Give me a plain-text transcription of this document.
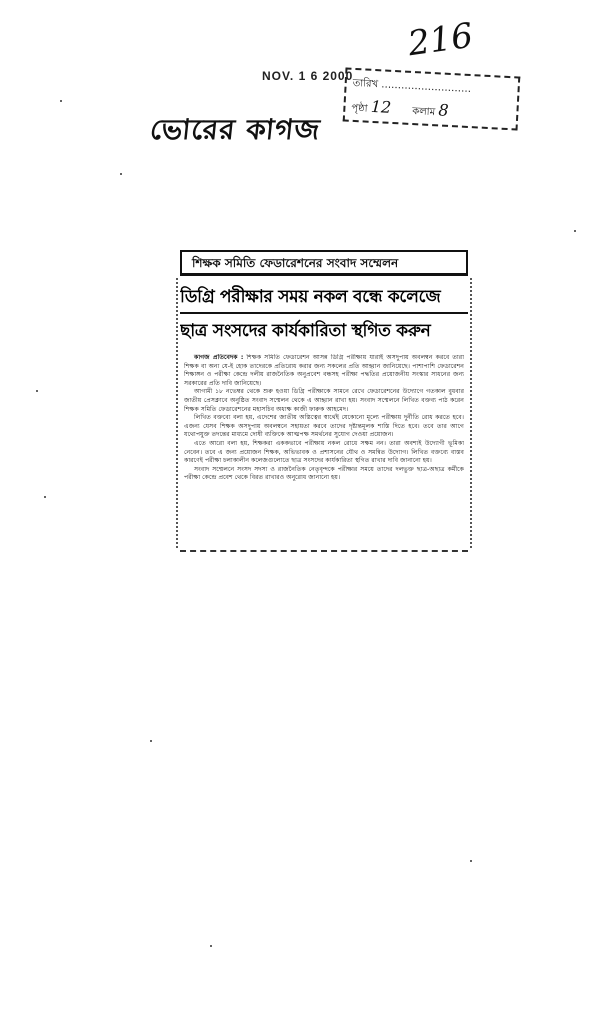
216
NOV. 1 6 2000
তারিখ ………………………
পৃষ্ঠা 12 কলাম 8
ভোরের কাগজ
শিক্ষক সমিতি ফেডারেশনের সংবাদ সম্মেলন
ডিগ্রি পরীক্ষার সময় নকল বন্ধে কলেজে
ছাত্র সংসদের কার্যকারিতা স্থগিত করুন

কাগজ প্রতিবেদক : শিক্ষক সমিতি ফেডারেশন আসন্ন ডিগ্রি পরীক্ষায় যারাই অসদুপায় অবলম্বন করবে তারা শিক্ষক বা অন্য যে-ই হোক তাদেরকে প্রতিরোধ করার জন্য সকলের প্রতি আহ্বান জানিয়েছে। পাশাপাশি ফেডারেশন শিক্ষাঙ্গন ও পরীক্ষা কেন্দ্রে দলীয় রাজনৈতিক অনুপ্রবেশ বন্ধসহ পরীক্ষা পদ্ধতির প্রয়োজনীয় সংস্কার সাধনের জন্য সরকারের প্রতি দাবি জানিয়েছে।

আগামী ১৮ নভেম্বর থেকে শুরু হওয়া ডিগ্রি পরীক্ষাকে সামনে রেখে ফেডারেশনের উদ্যোগে গতকাল বুধবার জাতীয় প্রেসক্লাবে অনুষ্ঠিত সংবাদ সম্মেলন থেকে এ আহ্বান রাখা হয়। সংবাদ সম্মেলনে লিখিত বক্তব্য পাঠ করেন শিক্ষক সমিতি ফেডারেশনের মহাসচিব অধ্যক্ষ কাজী ফারুক আহমেদ।

লিখিত বক্তব্যে বলা হয়, এদেশের জাতীয় অস্তিত্বের স্বার্থেই যেকোনো মূল্যে পরীক্ষায় দুর্নীতি রোধ করতে হবে। এজন্য যেসব শিক্ষক অসদুপায় অবলম্বনে সহায়তা করবে তাদের দৃষ্টান্তমূলক শাস্তি দিতে হবে। তবে তার আগে যথোপযুক্ত তদন্তের মাধ্যমে দোষী ব্যক্তিকে আত্মপক্ষ সমর্থনের সুযোগ দেওয়া প্রয়োজন।

এতে আরো বলা হয়, শিক্ষকরা এককভাবে পরীক্ষায় নকল রোধে সক্ষম নন। তারা অবশ্যই উদ্যোগী ভূমিকা নেবেন। তবে এ জন্য প্রয়োজন শিক্ষক, অভিভাবক ও প্রশাসনের যৌথ ও সমন্বিত উদ্যোগ। লিখিত বক্তব্যে বাস্তব কারণেই পরীক্ষা চলাকালীন কলেজগুলোতে ছাত্র সংসদের কার্যকারিতা স্থগিত রাখার দাবি জানানো হয়।

সংবাদ সম্মেলনে সংসদ সদস্য ও রাজনৈতিক নেতৃবৃন্দকে পরীক্ষার সময়ে তাদের দলভুক্ত ছাত্র-অছাত্র কর্মীকে পরীক্ষা কেন্দ্রে প্রবেশ থেকে বিরত রাখারও অনুরোধ জানানো হয়।
